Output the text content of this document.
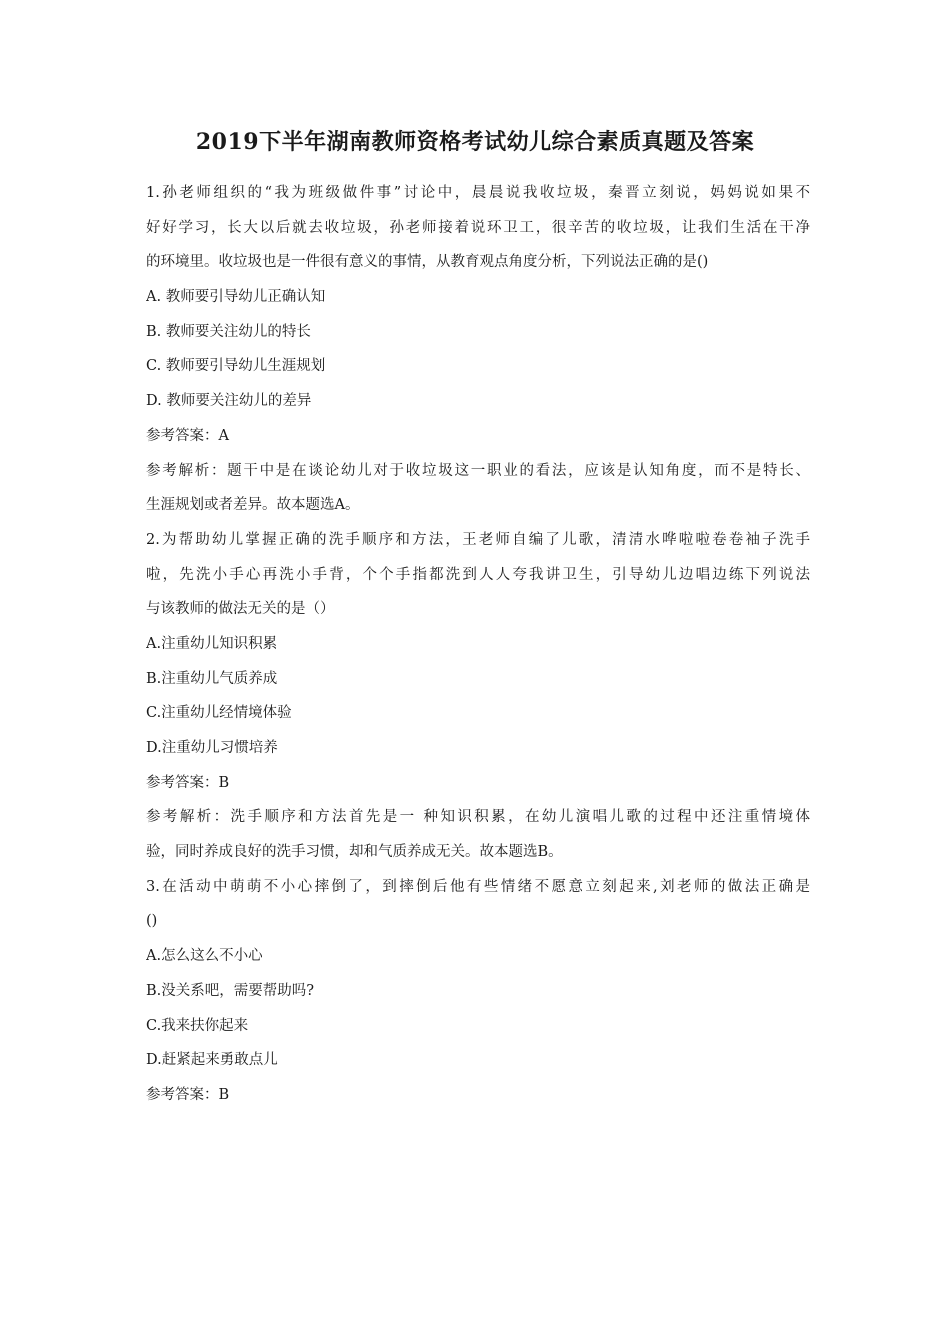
2019下半年湖南教师资格考试幼儿综合素质真题及答案
1.孙老师组织的“我为班级做件事”讨论中，晨晨说我收垃圾，秦晋立刻说，妈妈说如果不
好好学习，长大以后就去收垃圾，孙老师接着说环卫工，很辛苦的收垃圾，让我们生活在干净
的环境里。收垃圾也是一件很有意义的事情，从教育观点角度分析，下列说法正确的是()
A. 教师要引导幼儿正确认知
B. 教师要关注幼儿的特长
C. 教师要引导幼儿生涯规划
D. 教师要关注幼儿的差异
参考答案：A
参考解析：题干中是在谈论幼儿对于收垃圾这一职业的看法，应该是认知角度，而不是特长、
生涯规划或者差异。故本题选A。
2.为帮助幼儿掌握正确的洗手顺序和方法，王老师自编了儿歌，清清水哗啦啦卷卷袖子洗手
啦，先洗小手心再洗小手背，个个手指都洗到人人夸我讲卫生，引导幼儿边唱边练下列说法
与该教师的做法无关的是（）
A.注重幼儿知识积累
B.注重幼儿气质养成
C.注重幼儿经情境体验
D.注重幼儿习惯培养
参考答案：B
参考解析：洗手顺序和方法首先是一 种知识积累，在幼儿演唱儿歌的过程中还注重情境体
验，同时养成良好的洗手习惯，却和气质养成无关。故本题选B。
3.在活动中萌萌不小心摔倒了，到摔倒后他有些情绪不愿意立刻起来,刘老师的做法正确是
()
A.怎么这么不小心
B.没关系吧，需要帮助吗?
C.我来扶你起来
D.赶紧起来勇敢点儿
参考答案：B
